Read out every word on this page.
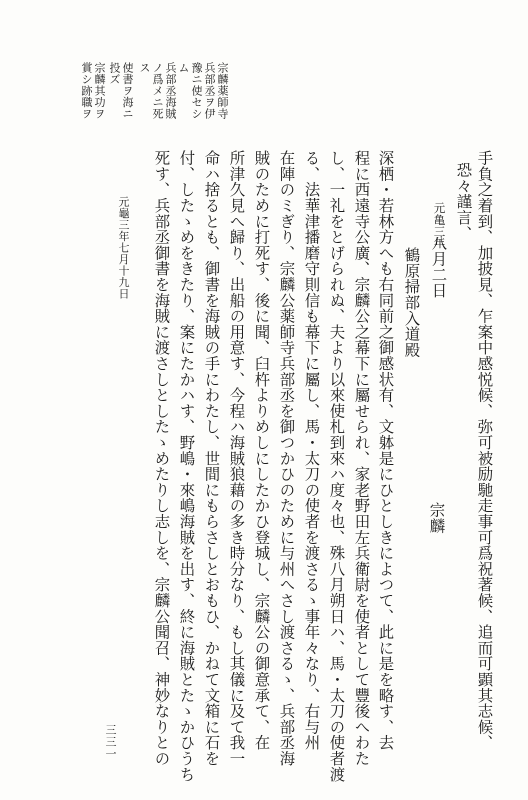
手負之着到、加披見、乍案中感悦候、弥可被励馳走事可爲祝著候、追而可顕其志候、
恐々謹言、
元亀三年
八月二日
宗麟
鶴原掃部入道殿
深栖・若林方へも右同前之御感状有、文躰是にひとしきによつて、此に是を略す、去
程に西遠寺公廣、宗麟公之幕下に屬せられ、家老野田左兵衛尉を使者として豐後へわた
し、一礼をとげられぬ、夫より以來使札到來ハ度々也、殊八月朔日ハ、馬・太刀の使者渡
る、法華津播磨守則信も幕下に屬し、馬・太刀の使者を渡さるゝ事年々なり、右与州
在陣のミぎり、宗麟公薬師寺兵部丞を御つかひのために与州へさし渡さるゝ、兵部丞海
賊のために打死す、後に聞、臼杵よりめしにしたかひ登城し、宗麟公の御意承て、在
所津久見へ歸り、出船の用意す、今程ハ海賊狼藉の多き時分なり、もし其儀に及て我一
命ハ捨るとも、御書を海賊の手にわたし、世間にもらさしとおもひ、かねて文箱に石を
付、したゝめをきたり、案にたかハす、野嶋・來嶋海賊を出す、終に海賊とたゝかひうち
死す、兵部丞御書を海賊に渡さしとしたゝめたりし志しを、宗麟公聞召、神妙なりとの
元龜三年七月十九日
宗麟薬師寺
兵部丞ヲ伊
豫ニ使セシ
ム
兵部丞海賊
ノ爲メニ死
ス
使書ヲ海ニ
投ズ
宗麟其功ヲ
賞シ跡職ヲ
三三一
